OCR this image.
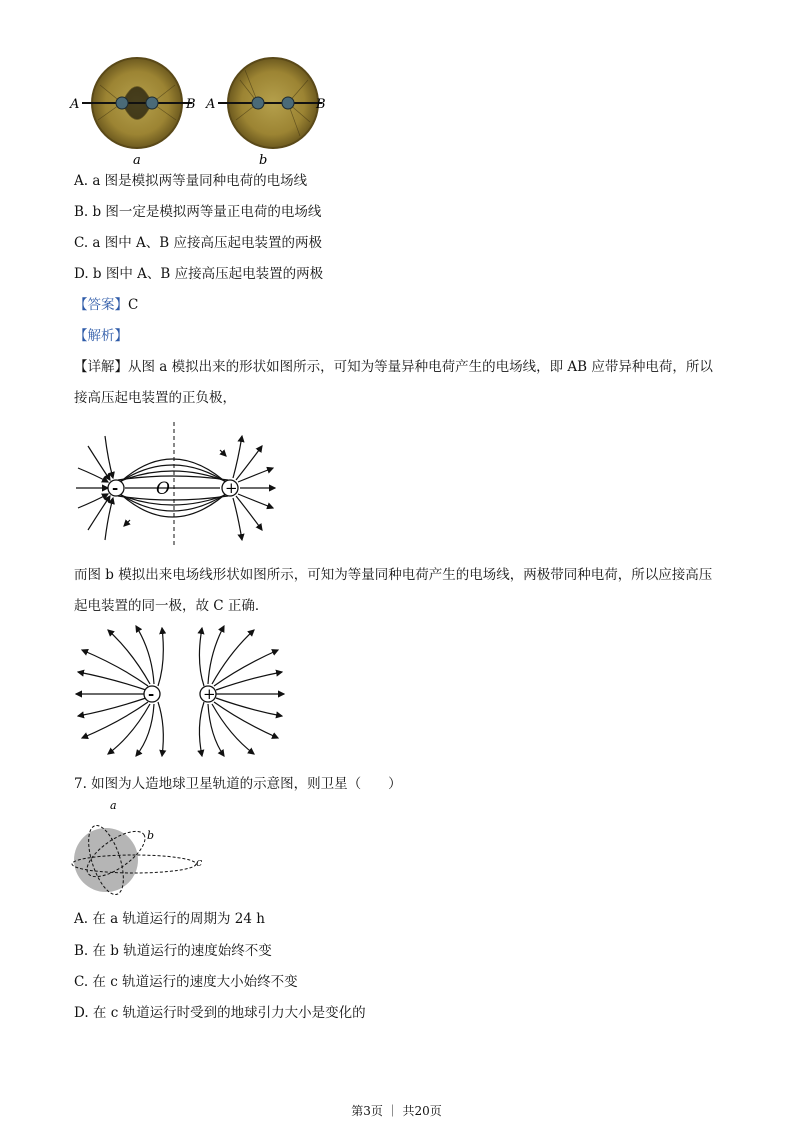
A	B
a
A	B
b
A. a 图是模拟两等量同种电荷的电场线
B. b 图一定是模拟两等量正电荷的电场线
C. a 图中 A、B 应接高压起电装置的两极
D. b 图中 A、B 应接高压起电装置的两极
【答案】C
【解析】
【详解】从图 a 模拟出来的形状如图所示，可知为等量异种电荷产生的电场线，即 AB 应带异种电荷，所以接高压起电装置的正负极，
-	+
O
而图 b 模拟出来电场线形状如图所示，可知为等量同种电荷产生的电场线，两极带同种电荷，所以应接高压起电装置的同一极，故 C 正确．
-	+
7. 如图为人造地球卫星轨道的示意图，则卫星（　　）
a
b
c
A. 在 a 轨道运行的周期为 24 h
B. 在 b 轨道运行的速度始终不变
C. 在 c 轨道运行的速度大小始终不变
D. 在 c 轨道运行时受到的地球引力大小是变化的
第3页 ｜ 共20页
